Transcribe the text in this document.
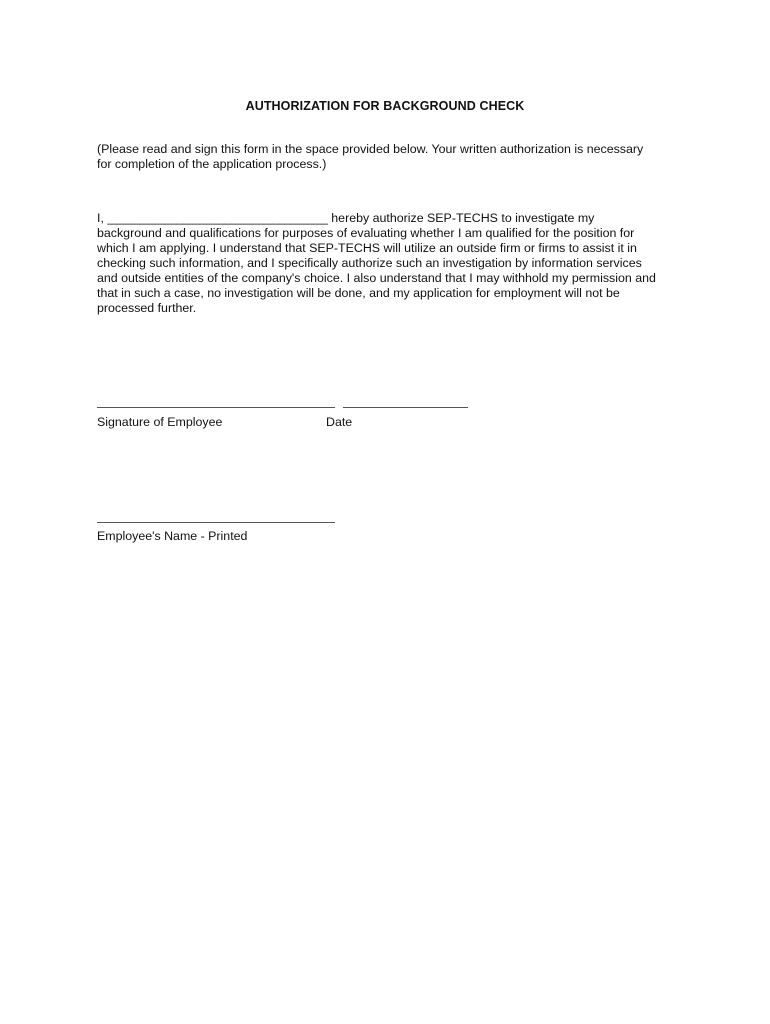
AUTHORIZATION FOR BACKGROUND CHECK

(Please read and sign this form in the space provided below. Your written authorization is necessary
for completion of the application process.)

I, ________________________________ hereby authorize SEP-TECHS to investigate my
background and qualifications for purposes of evaluating whether I am qualified for the position for
which I am applying. I understand that SEP-TECHS will utilize an outside firm or firms to assist it in
checking such information, and I specifically authorize such an investigation by information services
and outside entities of the company's choice. I also understand that I may withhold my permission and
that in such a case, no investigation will be done, and my application for employment will not be
processed further.

Signature of Employee	Date
Employee's Name - Printed
